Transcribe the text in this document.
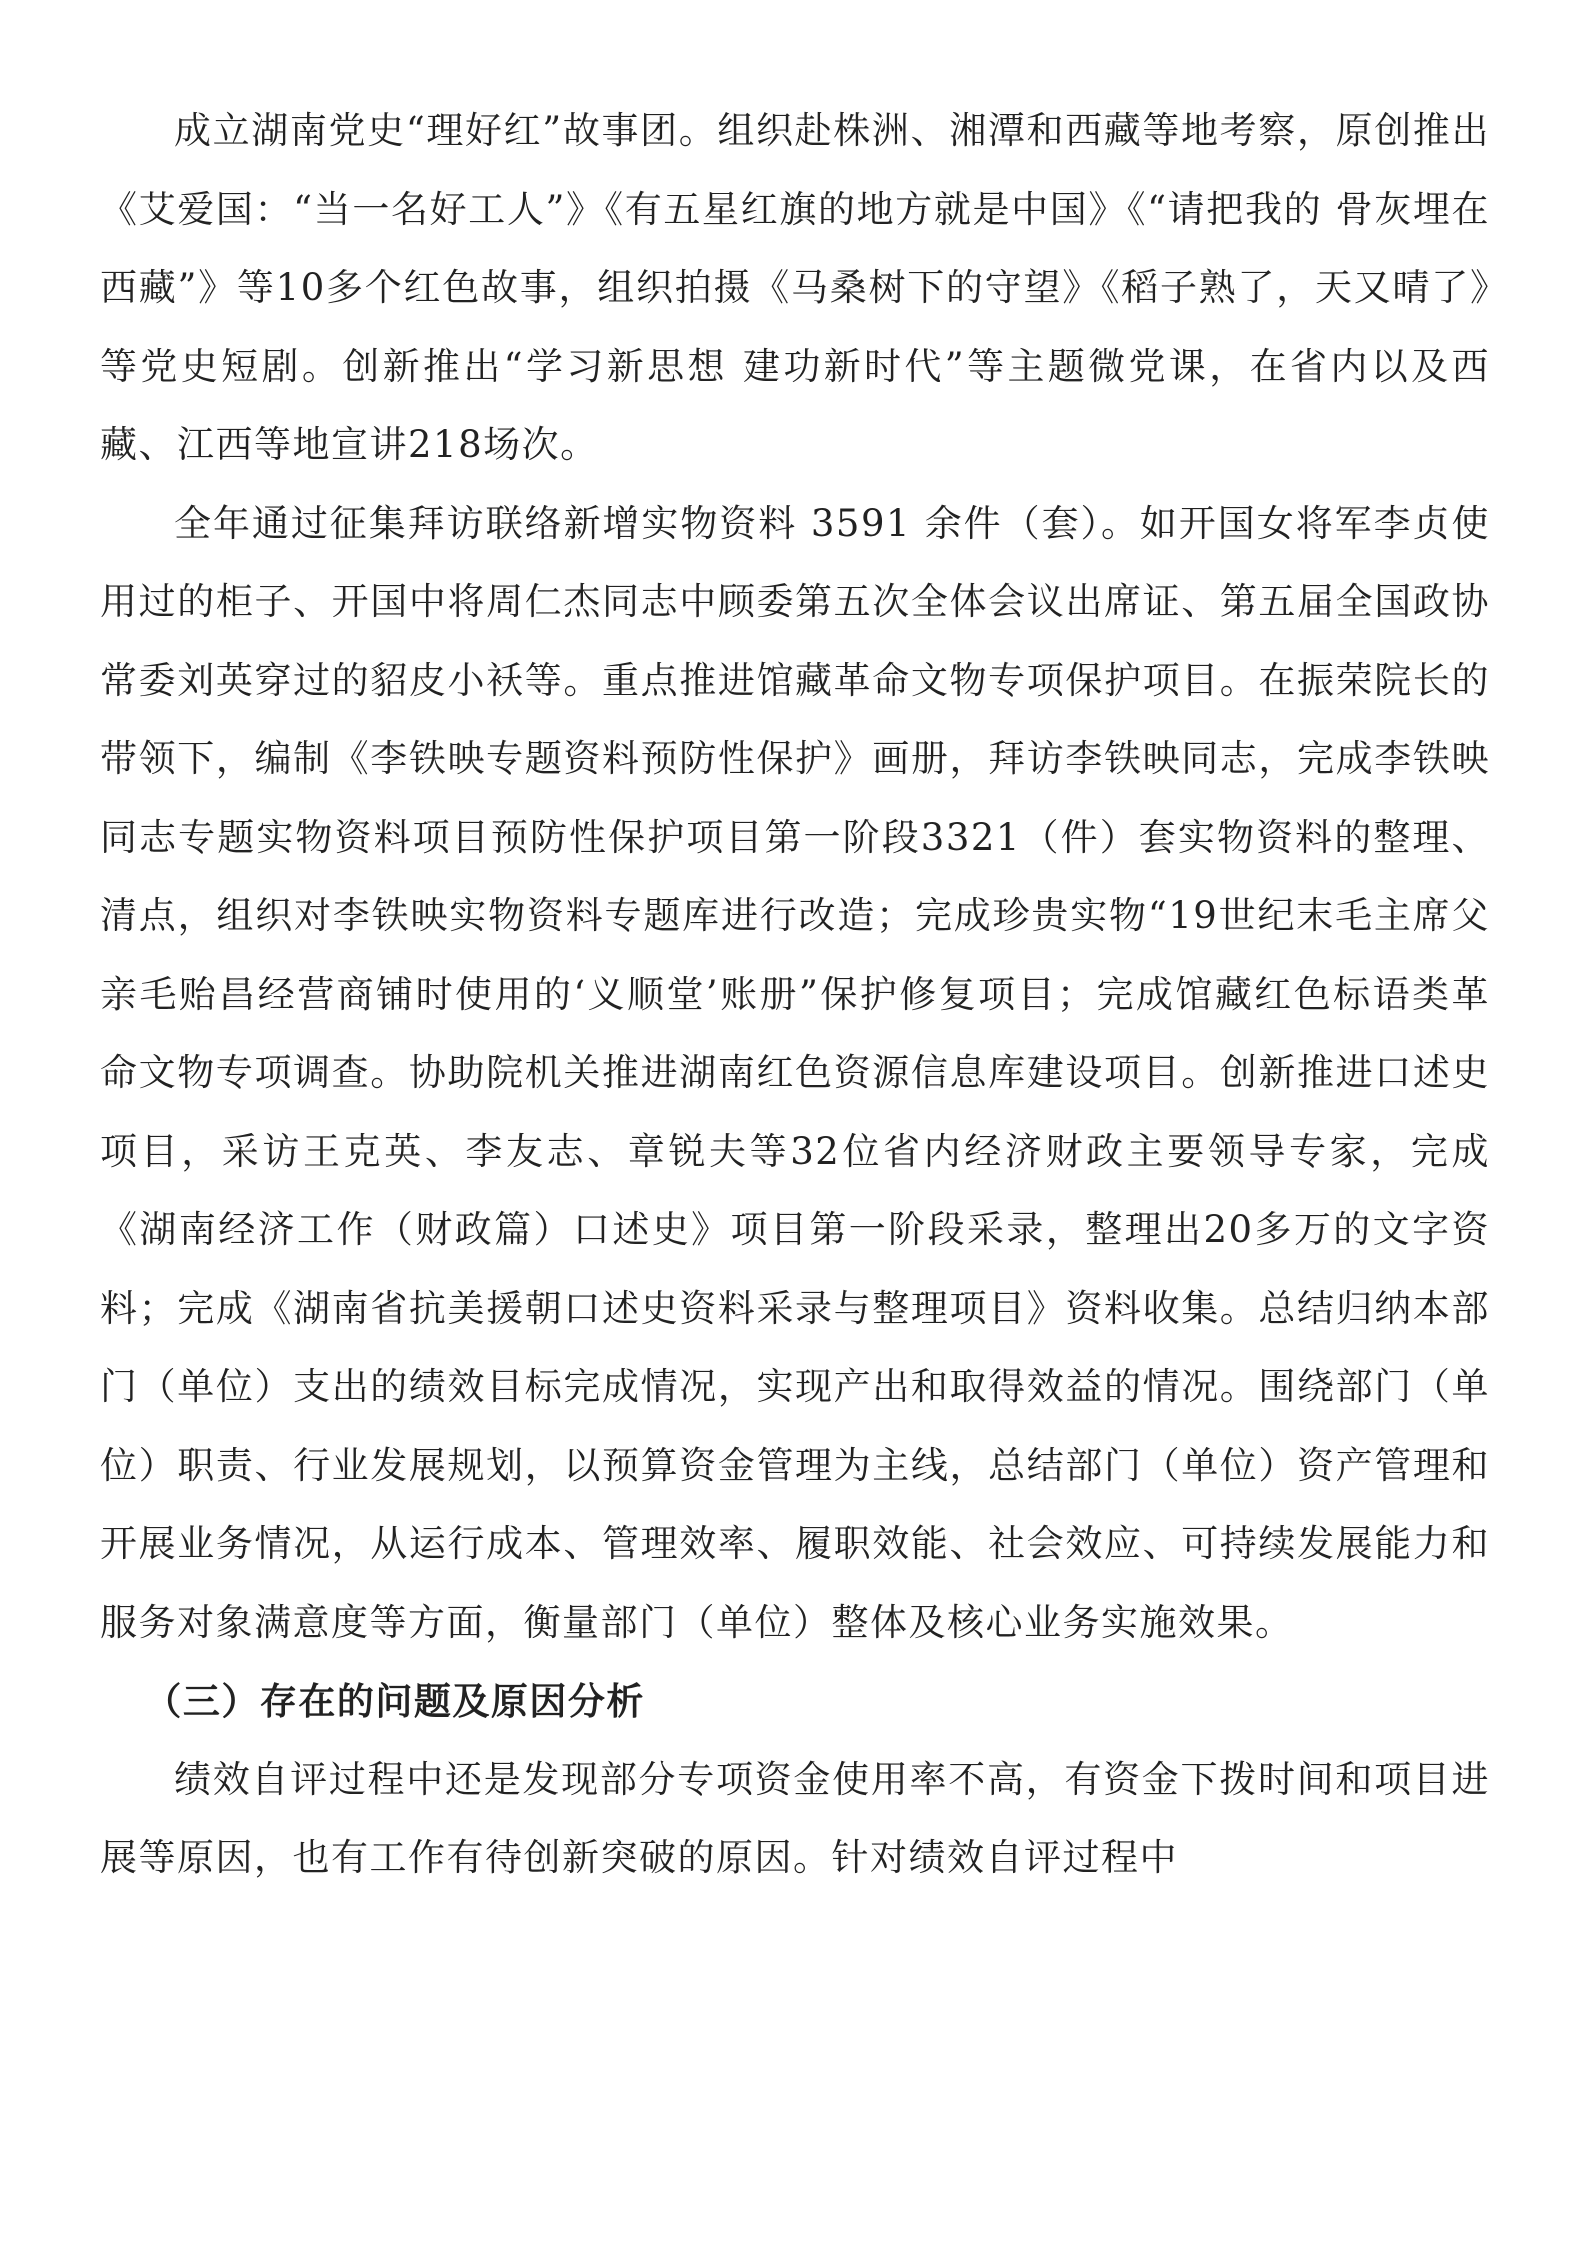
成立湖南党史“理好红”故事团。组织赴株洲、湘潭和西藏等地考察，原创推出《艾爱国：“当一名好工人”》《有五星红旗的地方就是中国》《“请把我的 骨灰埋在西藏”》等10多个红色故事，组织拍摄《马桑树下的守望》《稻子熟了，天又晴了》等党史短剧。创新推出“学习新思想 建功新时代”等主题微党课，在省内以及西藏、江西等地宣讲218场次。

全年通过征集拜访联络新增实物资料 3591 余件（套）。如开国女将军李贞使用过的柜子、开国中将周仁杰同志中顾委第五次全体会议出席证、第五届全国政协常委刘英穿过的貂皮小袄等。重点推进馆藏革命文物专项保护项目。在振荣院长的带领下，编制《李铁映专题资料预防性保护》画册，拜访李铁映同志，完成李铁映同志专题实物资料项目预防性保护项目第一阶段3321（件）套实物资料的整理、清点，组织对李铁映实物资料专题库进行改造；完成珍贵实物“19世纪末毛主席父亲毛贻昌经营商铺时使用的‘义顺堂’账册”保护修复项目；完成馆藏红色标语类革命文物专项调查。协助院机关推进湖南红色资源信息库建设项目。创新推进口述史项目，采访王克英、李友志、章锐夫等32位省内经济财政主要领导专家，完成《湖南经济工作（财政篇）口述史》项目第一阶段采录，整理出20多万的文字资料；完成《湖南省抗美援朝口述史资料采录与整理项目》资料收集。总结归纳本部门（单位）支出的绩效目标完成情况，实现产出和取得效益的情况。围绕部门（单位）职责、行业发展规划，以预算资金管理为主线，总结部门（单位）资产管理和开展业务情况，从运行成本、管理效率、履职效能、社会效应、可持续发展能力和服务对象满意度等方面，衡量部门（单位）整体及核心业务实施效果。

（三）存在的问题及原因分析

绩效自评过程中还是发现部分专项资金使用率不高，有资金下拨时间和项目进展等原因，也有工作有待创新突破的原因。针对绩效自评过程中
